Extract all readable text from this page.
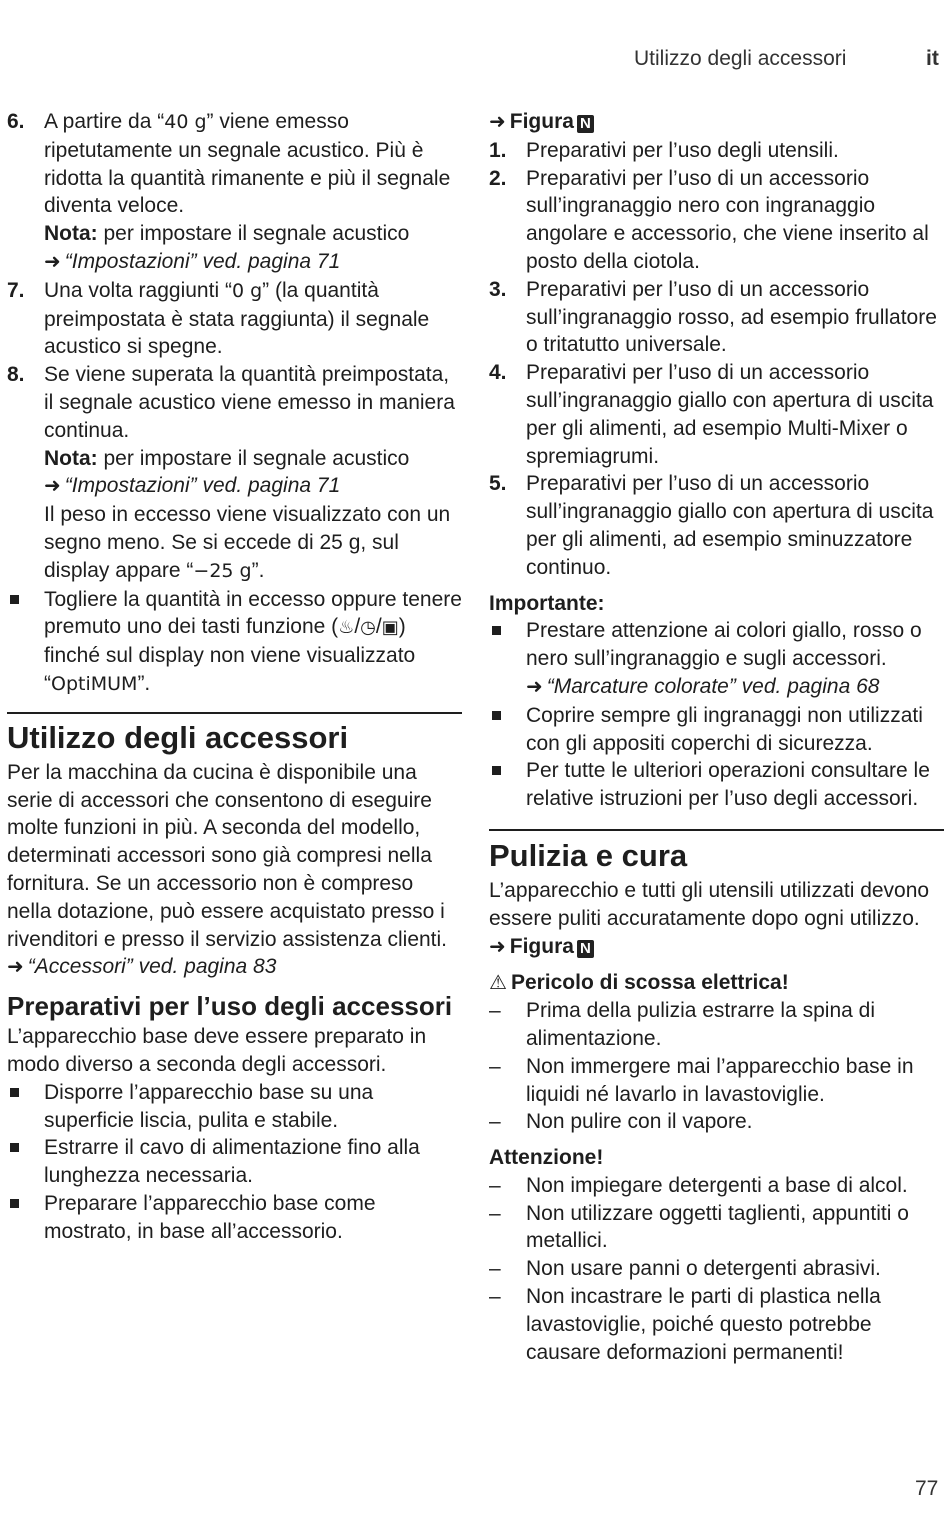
Utilizzo degli accessori	it
6. A partire da “40 g” viene emesso ripetutamente un segnale acustico. Più è ridotta la quantità rimanente e più il segnale diventa veloce.
Nota: per impostare il segnale acustico
➜ “Impostazioni” ved. pagina 71
7. Una volta raggiunti “0 g” (la quantità preimpostata è stata raggiunta) il segnale acustico si spegne.
8. Se viene superata la quantità preimpostata, il segnale acustico viene emesso in maniera continua.
Nota: per impostare il segnale acustico
➜ “Impostazioni” ved. pagina 71
Il peso in eccesso viene visualizzato con un segno meno. Se si eccede di 25 g, sul display appare “−25 g”.
Togliere la quantità in eccesso oppure tenere premuto uno dei tasti funzione (♨/◷/▣) finché sul display non viene visualizzato “OptiMUM”.
Utilizzo degli accessori
Per la macchina da cucina è disponibile una serie di accessori che consentono di eseguire molte funzioni in più. A seconda del modello, determinati accessori sono già compresi nella fornitura. Se un accessorio non è compreso nella dotazione, può essere acquistato presso i rivenditori e presso il servizio assistenza clienti.
➜ “Accessori” ved. pagina 83
Preparativi per l’uso degli accessori
L’apparecchio base deve essere preparato in modo diverso a seconda degli accessori.
Disporre l’apparecchio base su una superficie liscia, pulita e stabile.
Estrarre il cavo di alimentazione fino alla lunghezza necessaria.
Preparare l’apparecchio base come mostrato, in base all’accessorio.
➜ Figura N
1. Preparativi per l’uso degli utensili.
2. Preparativi per l’uso di un accessorio sull’ingranaggio nero con ingranaggio angolare e accessorio, che viene inserito al posto della ciotola.
3. Preparativi per l’uso di un accessorio sull’ingranaggio rosso, ad esempio frullatore o tritatutto universale.
4. Preparativi per l’uso di un accessorio sull’ingranaggio giallo con apertura di uscita per gli alimenti, ad esempio Multi-Mixer o spremiagrumi.
5. Preparativi per l’uso di un accessorio sull’ingranaggio giallo con apertura di uscita per gli alimenti, ad esempio sminuzzatore continuo.
Importante:
Prestare attenzione ai colori giallo, rosso o nero sull’ingranaggio e sugli accessori. ➜ “Marcature colorate” ved. pagina 68
Coprire sempre gli ingranaggi non utilizzati con gli appositi coperchi di sicurezza.
Per tutte le ulteriori operazioni consultare le relative istruzioni per l’uso degli accessori.
Pulizia e cura
L’apparecchio e tutti gli utensili utilizzati devono essere puliti accuratamente dopo ogni utilizzo. ➜ Figura N
⚠ Pericolo di scossa elettrica!
–	Prima della pulizia estrarre la spina di alimentazione.
–	Non immergere mai l’apparecchio base in liquidi né lavarlo in lavastoviglie.
–	Non pulire con il vapore.
Attenzione!
–	Non impiegare detergenti a base di alcol.
–	Non utilizzare oggetti taglienti, appuntiti o metallici.
–	Non usare panni o detergenti abrasivi.
–	Non incastrare le parti di plastica nella lavastoviglie, poiché questo potrebbe causare deformazioni permanenti!
77
